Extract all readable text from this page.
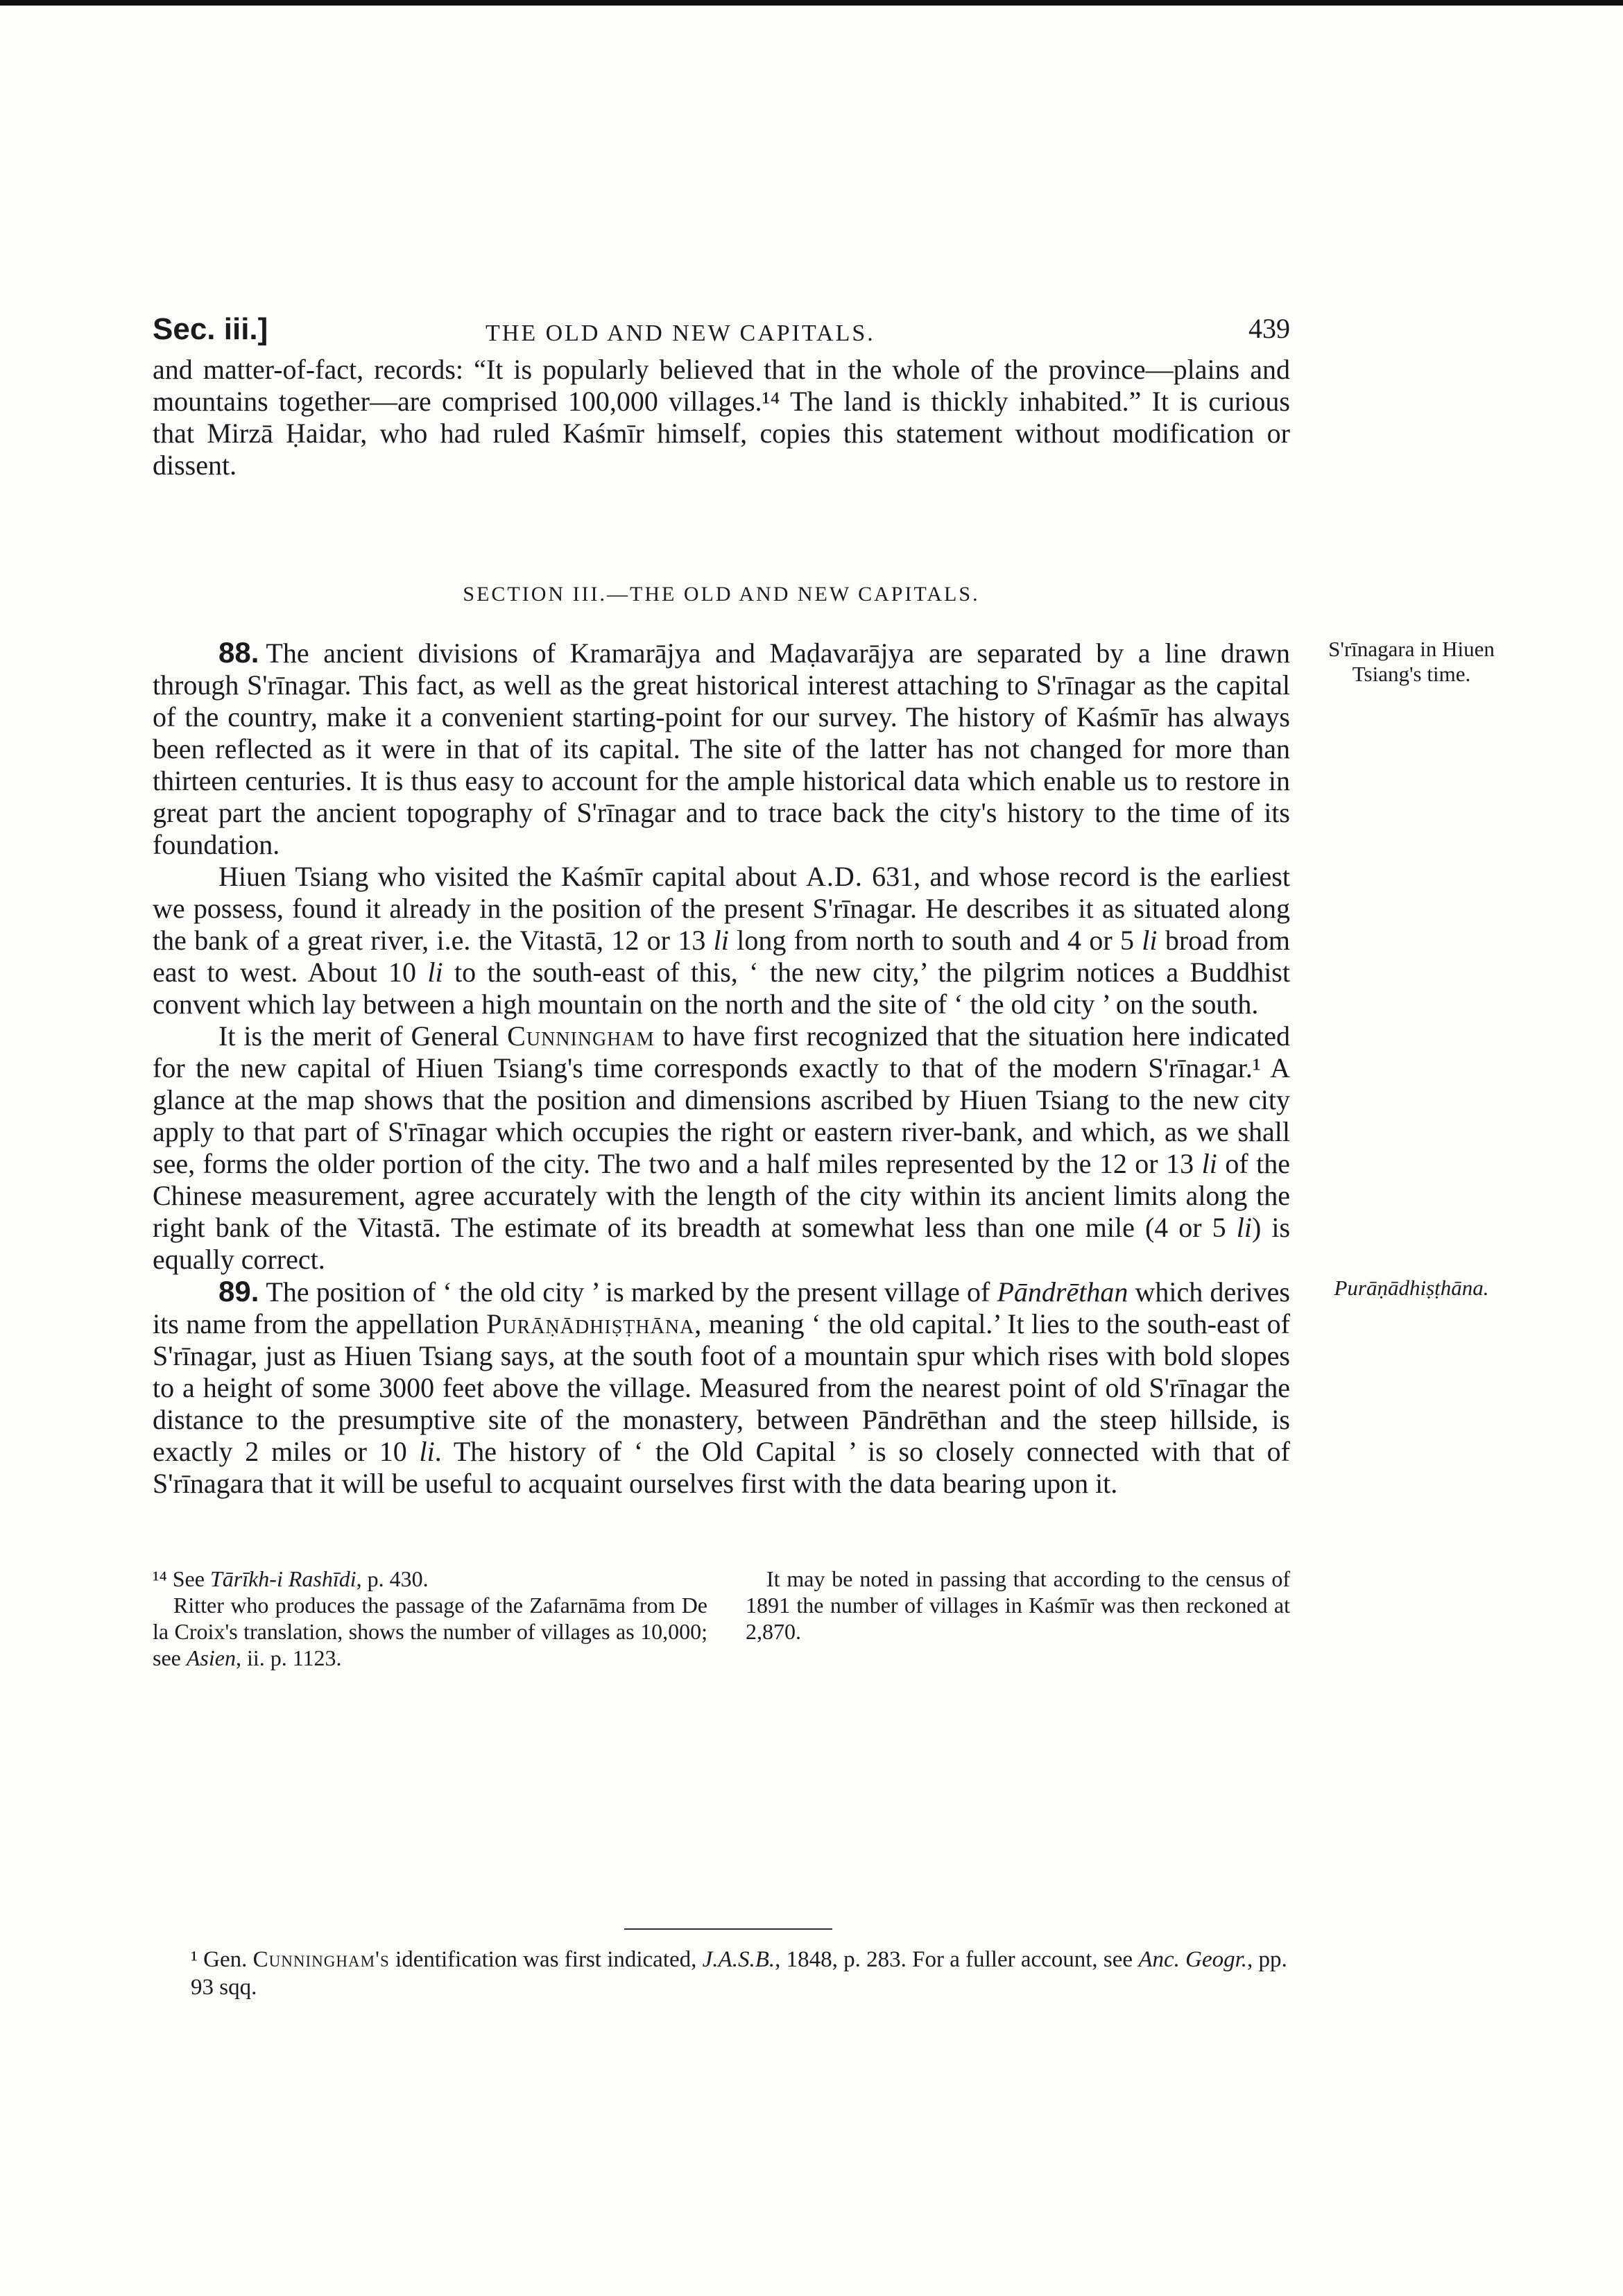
Sec. iii.]	THE OLD AND NEW CAPITALS.	439

and matter-of-fact, records: “It is popularly believed that in the whole of the province—plains and mountains together—are comprised 100,000 villages.¹⁴ The land is thickly inhabited.” It is curious that Mirzā Ḥaidar, who had ruled Kaśmīr himself, copies this statement without modification or dissent.

SECTION III.—THE OLD AND NEW CAPITALS.

S'rīnagara in Hiuen Tsiang's time.

88. The ancient divisions of Kramarājya and Maḍavarājya are separated by a line drawn through S'rīnagar. This fact, as well as the great historical interest attaching to S'rīnagar as the capital of the country, make it a convenient starting-point for our survey. The history of Kaśmīr has always been reflected as it were in that of its capital. The site of the latter has not changed for more than thirteen centuries. It is thus easy to account for the ample historical data which enable us to restore in great part the ancient topography of S'rīnagar and to trace back the city's history to the time of its foundation.

Hiuen Tsiang who visited the Kaśmīr capital about A.D. 631, and whose record is the earliest we possess, found it already in the position of the present S'rīnagar. He describes it as situated along the bank of a great river, i.e. the Vitastā, 12 or 13 li long from north to south and 4 or 5 li broad from east to west. About 10 li to the south-east of this, ‘ the new city,’ the pilgrim notices a Buddhist convent which lay between a high mountain on the north and the site of ‘ the old city ’ on the south.

It is the merit of General Cunningham to have first recognized that the situation here indicated for the new capital of Hiuen Tsiang's time corresponds exactly to that of the modern S'rīnagar.¹ A glance at the map shows that the position and dimensions ascribed by Hiuen Tsiang to the new city apply to that part of S'rīnagar which occupies the right or eastern river-bank, and which, as we shall see, forms the older portion of the city. The two and a half miles represented by the 12 or 13 li of the Chinese measurement, agree accurately with the length of the city within its ancient limits along the right bank of the Vitastā. The estimate of its breadth at somewhat less than one mile (4 or 5 li) is equally correct.

Purāṇādhiṣṭhāna.

89. The position of ‘ the old city ’ is marked by the present village of Pāndrēthan which derives its name from the appellation Purāṇādhiṣṭhāna, meaning ‘ the old capital.’ It lies to the south-east of S'rīnagar, just as Hiuen Tsiang says, at the south foot of a mountain spur which rises with bold slopes to a height of some 3000 feet above the village. Measured from the nearest point of old S'rīnagar the distance to the presumptive site of the monastery, between Pāndrēthan and the steep hillside, is exactly 2 miles or 10 li. The history of ‘ the Old Capital ’ is so closely connected with that of S'rīnagara that it will be useful to acquaint ourselves first with the data bearing upon it.

¹⁴ See Tārīkh-i Rashīdi, p. 430.

Ritter who produces the passage of the Zafarnāma from De la Croix's translation, shows the number of villages as 10,000; see Asien, ii. p. 1123.

It may be noted in passing that according to the census of 1891 the number of villages in Kaśmīr was then reckoned at 2,870.

¹ Gen. Cunningham's identification was first indicated, J.A.S.B., 1848, p. 283. For a fuller account, see Anc. Geogr., pp. 93 sqq.
